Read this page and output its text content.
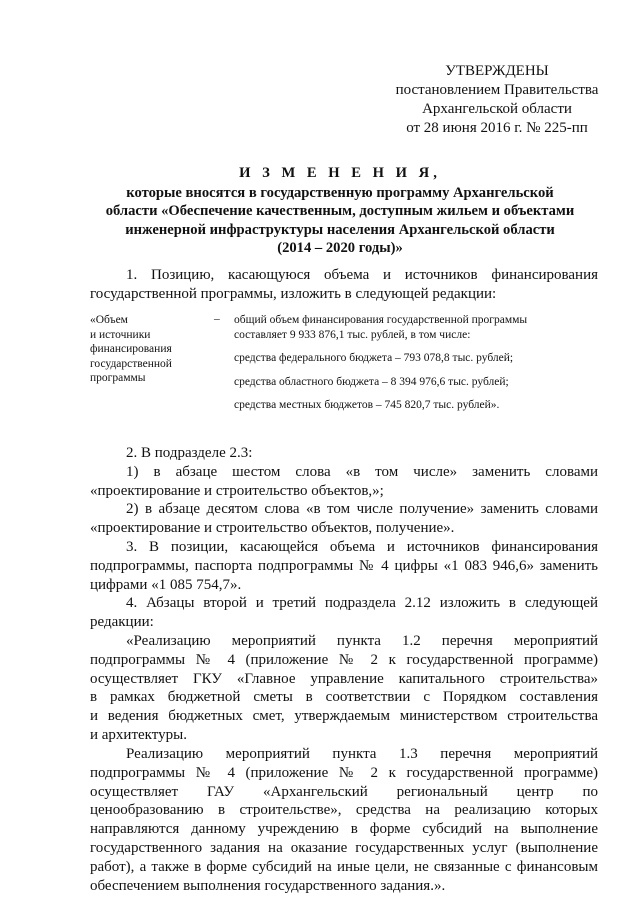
УТВЕРЖДЕНЫ
постановлением Правительства
Архангельской области
от 28 июня 2016 г. № 225-пп
И З М Е Н Е Н И Я,
которые вносятся в государственную программу Архангельской
области «Обеспечение качественным, доступным жильем и объектами
инженерной инфраструктуры населения Архангельской области
(2014 – 2020 годы)»
1. Позицию, касающуюся объема и источников финансирования
государственной программы, изложить в следующей редакции:
«Объем
и источники
финансирования
государственной
программы
– общий объем финансирования государственной программы
составляет 9 933 876,1 тыс. рублей, в том числе:
средства федерального бюджета – 793 078,8 тыс. рублей;
средства областного бюджета – 8 394 976,6 тыс. рублей;
средства местных бюджетов – 745 820,7 тыс. рублей».
2. В подразделе 2.3:
1) в абзаце шестом слова «в том числе» заменить словами
«проектирование и строительство объектов,»;
2) в абзаце десятом слова «в том числе получение» заменить словами
«проектирование и строительство объектов, получение».
3. В позиции, касающейся объема и источников финансирования
подпрограммы, паспорта подпрограммы № 4 цифры «1 083 946,6» заменить
цифрами «1 085 754,7».
4. Абзацы второй и третий подраздела 2.12 изложить в следующей
редакции:
«Реализацию мероприятий пункта 1.2 перечня мероприятий
подпрограммы № 4 (приложение № 2 к государственной программе)
осуществляет ГКУ «Главное управление капитального строительства»
в рамках бюджетной сметы в соответствии с Порядком составления
и ведения бюджетных смет, утверждаемым министерством строительства
и архитектуры.
Реализацию мероприятий пункта 1.3 перечня мероприятий
подпрограммы № 4 (приложение № 2 к государственной программе)
осуществляет ГАУ «Архангельский региональный центр по
ценообразованию в строительстве», средства на реализацию которых
направляются данному учреждению в форме субсидий на выполнение
государственного задания на оказание государственных услуг (выполнение
работ), а также в форме субсидий на иные цели, не связанные с финансовым
обеспечением выполнения государственного задания.».
